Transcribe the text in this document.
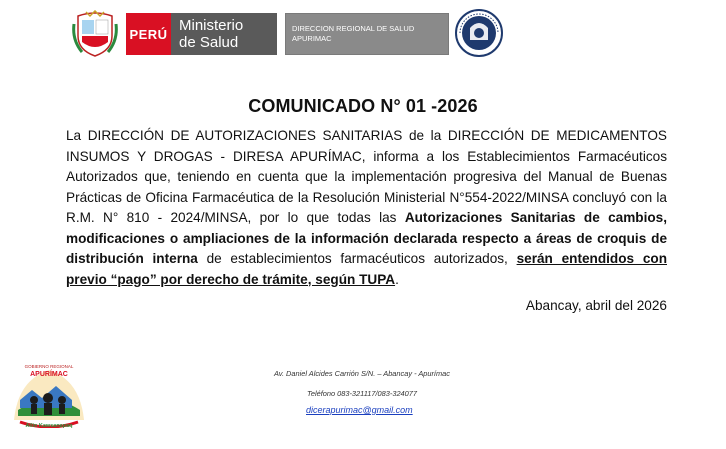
PERÚ Ministerio
de Salud
DIRECCION REGIONAL DE SALUD
APURIMAC
COMUNICADO N° 01 -2026
La DIRECCIÓN DE AUTORIZACIONES SANITARIAS de la DIRECCIÓN DE MEDICAMENTOS INSUMOS Y DROGAS - DIRESA APURÍMAC, informa a los Establecimientos Farmacéuticos Autorizados que, teniendo en cuenta que la implementación progresiva del Manual de Buenas Prácticas de Oficina Farmacéutica de la Resolución Ministerial N°554-2022/MINSA concluyó con la R.M. N° 810 - 2024/MINSA, por lo que todas las Autorizaciones Sanitarias de cambios, modificaciones o ampliaciones de la información declarada respecto a áreas de croquis de distribución interna de establecimientos farmacéuticos autorizados, serán entendidos con previo “pago” por derecho de trámite, según TUPA.
Abancay, abril del 2026
GOBIERNO REGIONAL
APURÍMAC
Allin Kawsanapaq
Av. Daniel Alcides Carrión S/N. – Abancay - Apurímac
Teléfono 083-321117/083-324077
dicerapurimac@gmail.com
